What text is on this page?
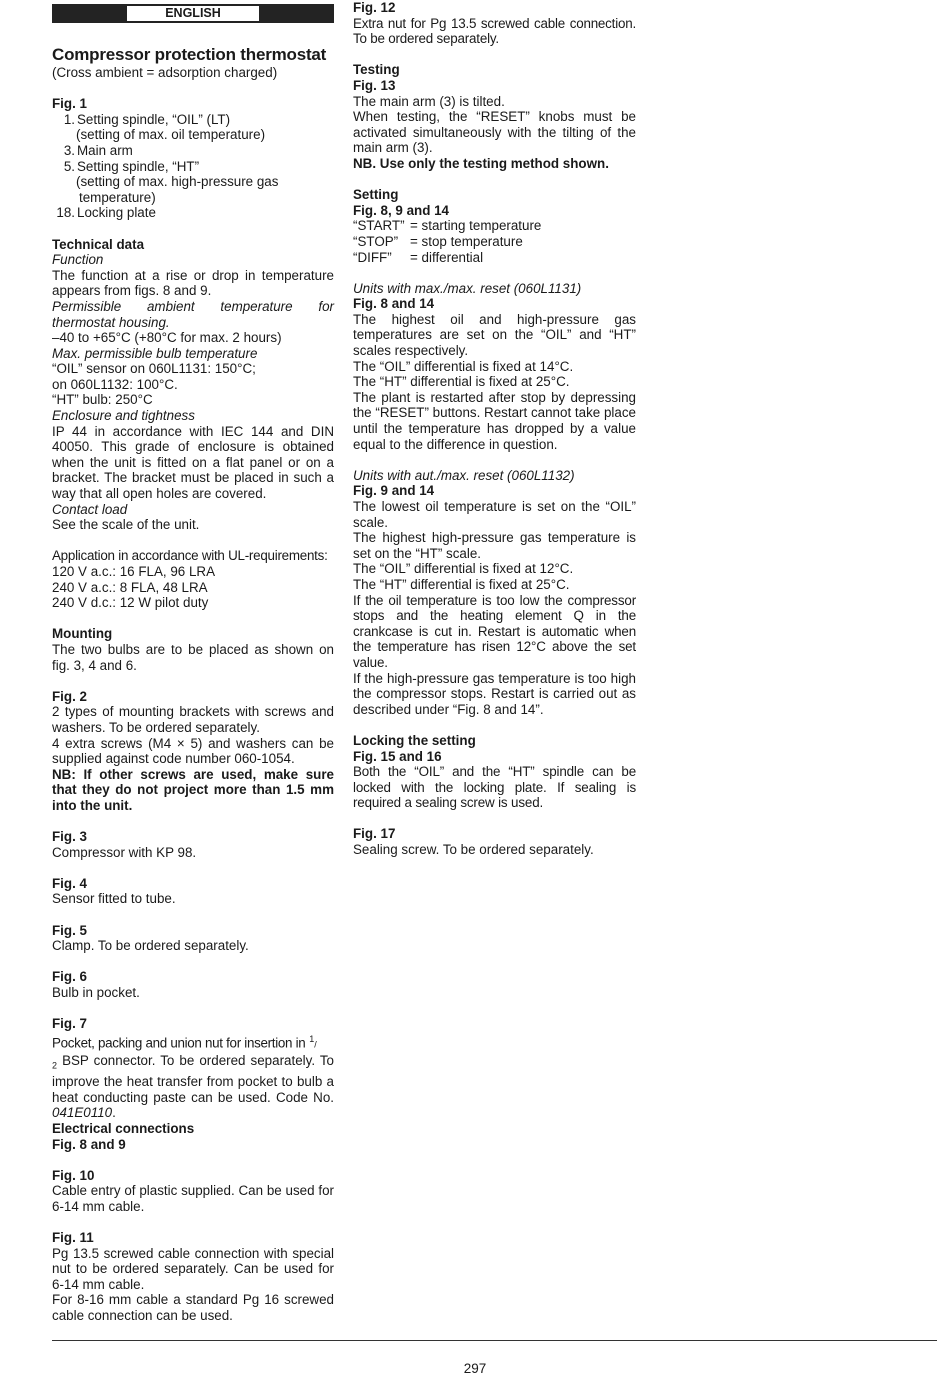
ENGLISH
Compressor protection thermostat
(Cross ambient = adsorption charged)
Fig. 1
1. Setting spindle, “OIL” (LT)
(setting of max. oil temperature)
3. Main arm
5. Setting spindle, “HT”
(setting of max. high-pressure gas
temperature)
18. Locking plate
Technical data
Function
The function at a rise or drop in temperature appears from figs. 8 and 9.
Permissible ambient temperature for thermostat housing.
–40 to +65°C (+80°C for max. 2 hours)
Max. permissible bulb temperature
“OIL” sensor on 060L1131: 150°C;
on 060L1132: 100°C.
“HT” bulb: 250°C
Enclosure and tightness
IP 44 in accordance with IEC 144 and DIN 40050. This grade of enclosure is obtained when the unit is fitted on a flat panel or on a bracket. The bracket must be placed in such a way that all open holes are covered.
Contact load
See the scale of the unit.
Application in accordance with UL-requirements:
120 V a.c.: 16 FLA, 96 LRA
240 V a.c.: 8 FLA, 48 LRA
240 V d.c.: 12 W pilot duty
Mounting
The two bulbs are to be placed as shown on fig. 3, 4 and 6.
Fig. 2
2 types of mounting brackets with screws and washers. To be ordered separately.
4 extra screws (M4 × 5) and washers can be supplied against code number 060-1054.
NB: If other screws are used, make sure that they do not project more than 1.5 mm into the unit.
Fig. 3
Compressor with KP 98.
Fig. 4
Sensor fitted to tube.
Fig. 5
Clamp. To be ordered separately.
Fig. 6
Bulb in pocket.
Fig. 7
Pocket, packing and union nut for insertion in $^1$/
$_2$ BSP connector. To be ordered separately. To improve the heat transfer from pocket to bulb a heat conducting paste can be used. Code No. 041E0110.
Electrical connections
Fig. 8 and 9
Fig. 10
Cable entry of plastic supplied. Can be used for 6-14 mm cable.
Fig. 11
Pg 13.5 screwed cable connection with special nut to be ordered separately. Can be used for 6-14 mm cable.
For 8-16 mm cable a standard Pg 16 screwed cable connection can be used.
Fig. 12
Extra nut for Pg 13.5 screwed cable connection. To be ordered separately.
Testing
Fig. 13
The main arm (3) is tilted.
When testing, the “RESET” knobs must be activated simultaneously with the tilting of the main arm (3).
NB. Use only the testing method shown.
Setting
Fig. 8, 9 and 14
“START” = starting temperature
“STOP” = stop temperature
“DIFF”	= differential
Units with max./max. reset (060L1131)
Fig. 8 and 14
The highest oil and high-pressure gas temperatures are set on the “OIL” and “HT” scales respectively.
The “OIL” differential is fixed at 14°C.
The “HT” differential is fixed at 25°C.
The plant is restarted after stop by depressing the “RESET” buttons. Restart cannot take place until the temperature has dropped by a value equal to the difference in question.
Units with aut./max. reset (060L1132)
Fig. 9 and 14
The lowest oil temperature is set on the “OIL” scale.
The highest high-pressure gas temperature is set on the “HT” scale.
The “OIL” differential is fixed at 12°C.
The “HT” differential is fixed at 25°C.
If the oil temperature is too low the compressor stops and the heating element Q in the crankcase is cut in. Restart is automatic when the temperature has risen 12°C above the set value.
If the high-pressure gas temperature is too high the compressor stops. Restart is carried out as described under “Fig. 8 and 14”.
Locking the setting
Fig. 15 and 16
Both the “OIL” and the “HT” spindle can be locked with the locking plate. If sealing is required a sealing screw is used.
Fig. 17
Sealing screw. To be ordered separately.
297
